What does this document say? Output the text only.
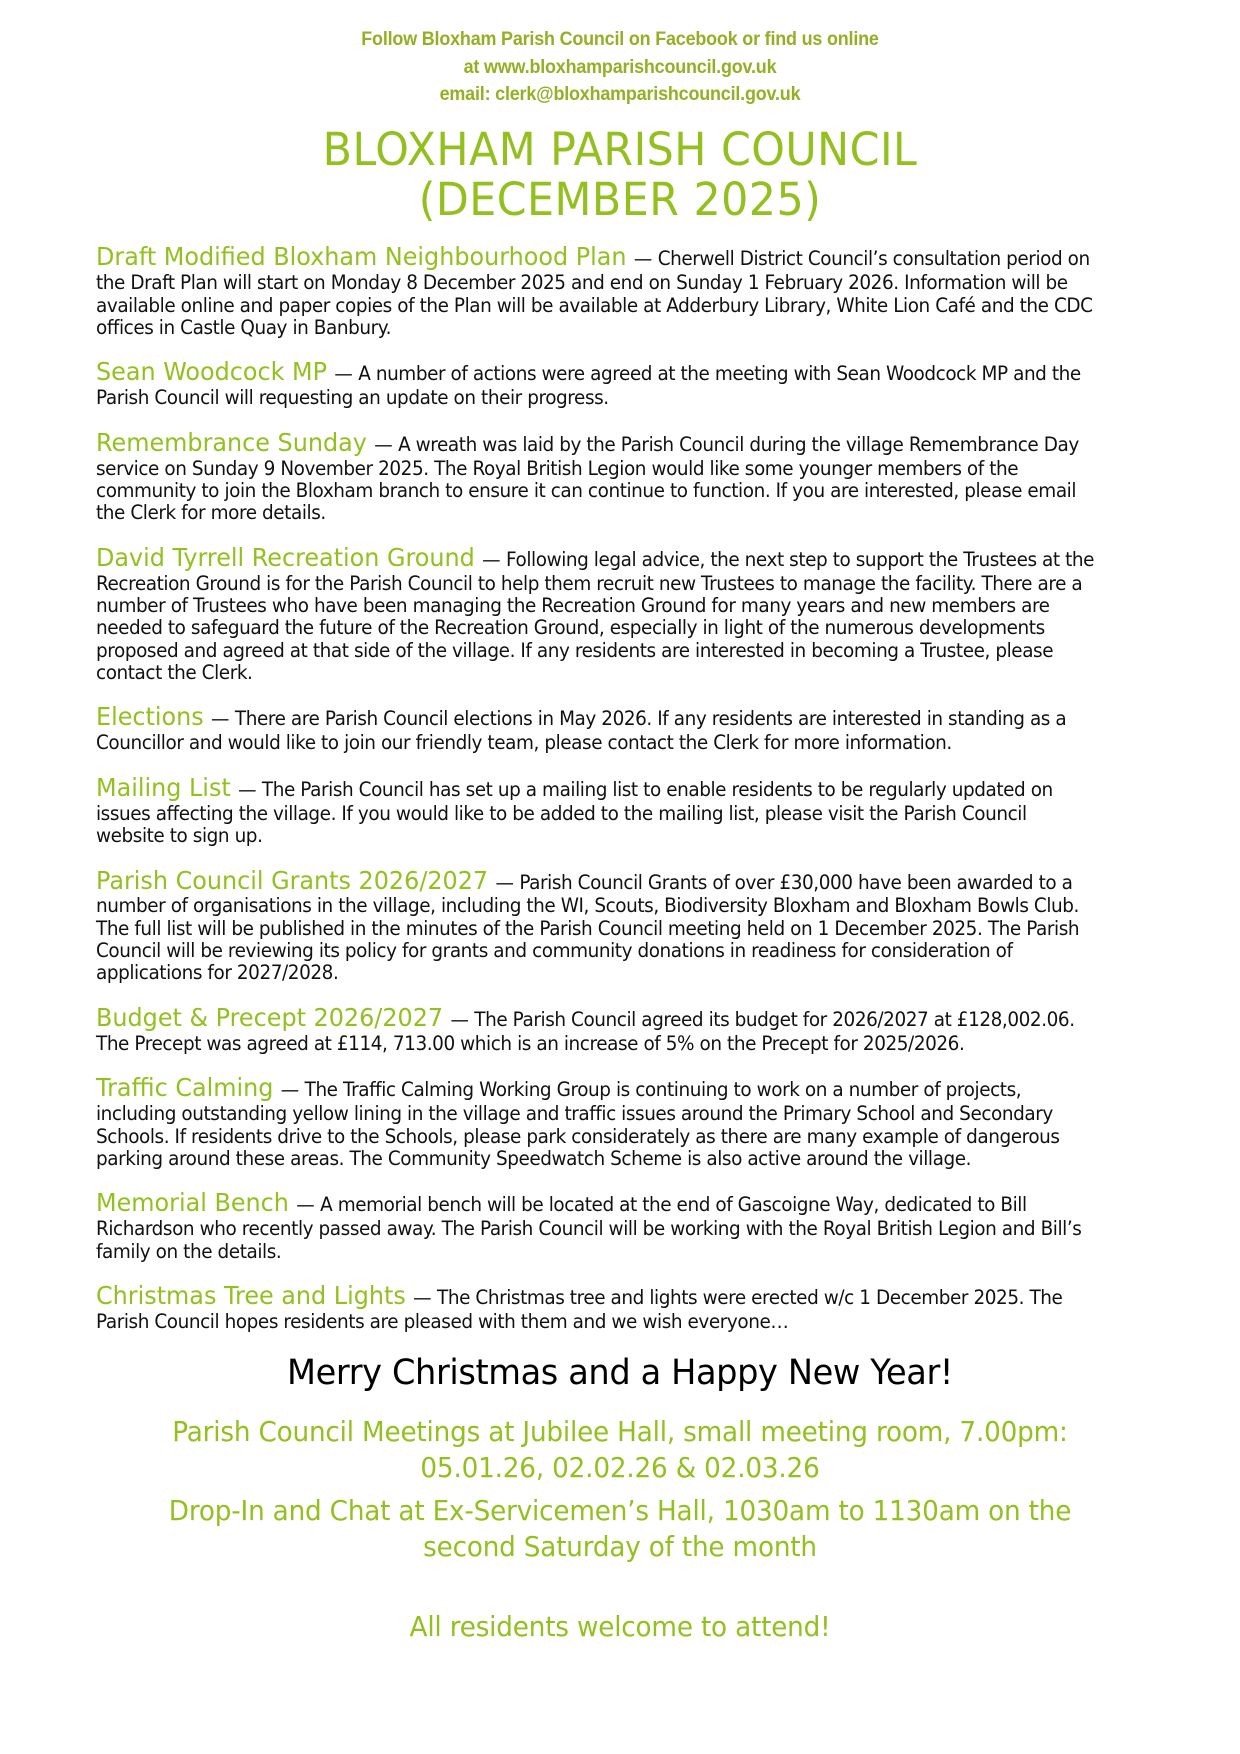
Follow Bloxham Parish Council on Facebook or find us online
at www.bloxhamparishcouncil.gov.uk
email: clerk@bloxhamparishcouncil.gov.uk
BLOXHAM PARISH COUNCIL
(DECEMBER 2025)

Draft Modified Bloxham Neighbourhood Plan — Cherwell District Council’s consultation period on the Draft Plan will start on Monday 8 December 2025 and end on Sunday 1 February 2026. Information will be available online and paper copies of the Plan will be available at Adderbury Library, White Lion Café and the CDC offices in Castle Quay in Banbury.

Sean Woodcock MP — A number of actions were agreed at the meeting with Sean Woodcock MP and the Parish Council will requesting an update on their progress.

Remembrance Sunday — A wreath was laid by the Parish Council during the village Remembrance Day service on Sunday 9 November 2025. The Royal British Legion would like some younger members of the community to join the Bloxham branch to ensure it can continue to function. If you are interested, please email the Clerk for more details.

David Tyrrell Recreation Ground — Following legal advice, the next step to support the Trustees at the Recreation Ground is for the Parish Council to help them recruit new Trustees to manage the facility. There are a number of Trustees who have been managing the Recreation Ground for many years and new members are needed to safeguard the future of the Recreation Ground, especially in light of the numerous developments proposed and agreed at that side of the village. If any residents are interested in becoming a Trustee, please contact the Clerk.

Elections — There are Parish Council elections in May 2026. If any residents are interested in standing as a Councillor and would like to join our friendly team, please contact the Clerk for more information.

Mailing List — The Parish Council has set up a mailing list to enable residents to be regularly updated on issues affecting the village. If you would like to be added to the mailing list, please visit the Parish Council website to sign up.

Parish Council Grants 2026/2027 — Parish Council Grants of over £30,000 have been awarded to a number of organisations in the village, including the WI, Scouts, Biodiversity Bloxham and Bloxham Bowls Club. The full list will be published in the minutes of the Parish Council meeting held on 1 December 2025. The Parish Council will be reviewing its policy for grants and community donations in readiness for consideration of applications for 2027/2028.

Budget & Precept 2026/2027 — The Parish Council agreed its budget for 2026/2027 at £128,002.06. The Precept was agreed at £114, 713.00 which is an increase of 5% on the Precept for 2025/2026.

Traffic Calming — The Traffic Calming Working Group is continuing to work on a number of projects, including outstanding yellow lining in the village and traffic issues around the Primary School and Secondary Schools. If residents drive to the Schools, please park considerately as there are many example of dangerous parking around these areas. The Community Speedwatch Scheme is also active around the village.

Memorial Bench — A memorial bench will be located at the end of Gascoigne Way, dedicated to Bill Richardson who recently passed away. The Parish Council will be working with the Royal British Legion and Bill’s family on the details.

Christmas Tree and Lights — The Christmas tree and lights were erected w/c 1 December 2025. The Parish Council hopes residents are pleased with them and we wish everyone…

Merry Christmas and a Happy New Year!
Parish Council Meetings at Jubilee Hall, small meeting room, 7.00pm:
05.01.26, 02.02.26 & 02.03.26
Drop-In and Chat at Ex-Servicemen’s Hall, 1030am to 1130am on the second Saturday of the month
All residents welcome to attend!
